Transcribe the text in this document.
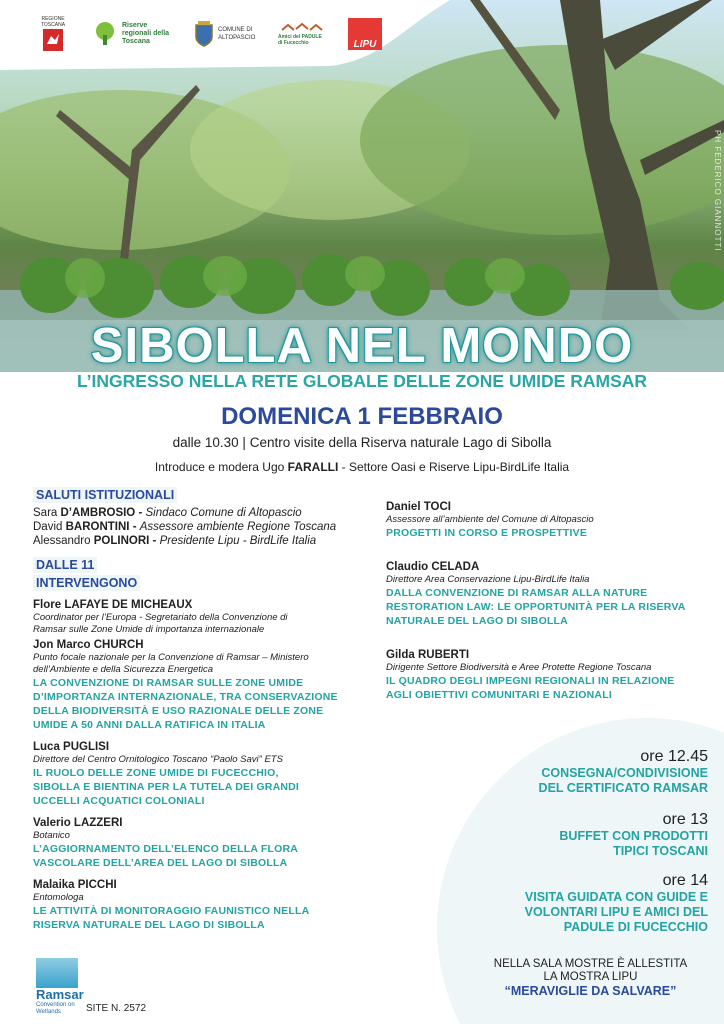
PH FEDERICO GIANNOTTI
REGIONE TOSCANA	Riserve regionali della Toscana
COMUNE DI ALTOPASCIO	Amici del PADULE di Fucecchio	LIPU
SIBOLLA NEL MONDO
L’INGRESSO NELLA RETE GLOBALE DELLE ZONE UMIDE RAMSAR
DOMENICA 1 FEBBRAIO
dalle 10.30 | Centro visite della Riserva naturale Lago di Sibolla
Introduce e modera Ugo FARALLI - Settore Oasi e Riserve Lipu-BirdLife Italia
SALUTI ISTITUZIONALI
Sara D’AMBROSIO - Sindaco Comune di Altopascio
David BARONTINI - Assessore ambiente Regione Toscana
Alessandro POLINORI - Presidente Lipu - BirdLife Italia
DALLE 11
INTERVENGONO
Flore LAFAYE DE MICHEAUX
Coordinator per l’Europa - Segretariato della Convenzione di
Ramsar sulle Zone Umide di importanza internazionale
Jon Marco CHURCH
Punto focale nazionale per la Convenzione di Ramsar – Ministero
dell’Ambiente e della Sicurezza Energetica
LA CONVENZIONE DI RAMSAR SULLE ZONE UMIDE
D’IMPORTANZA INTERNAZIONALE, TRA CONSERVAZIONE
DELLA BIODIVERSITÀ E USO RAZIONALE DELLE ZONE
UMIDE A 50 ANNI DALLA RATIFICA IN ITALIA
Luca PUGLISI
Direttore del Centro Ornitologico Toscano “Paolo Savi” ETS
IL RUOLO DELLE ZONE UMIDE DI FUCECCHIO,
SIBOLLA E BIENTINA PER LA TUTELA DEI GRANDI
UCCELLI ACQUATICI COLONIALI
Valerio LAZZERI
Botanico
L’AGGIORNAMENTO DELL’ELENCO DELLA FLORA
VASCOLARE DELL’AREA DEL LAGO DI SIBOLLA
Malaika PICCHI
Entomologa
LE ATTIVITÀ DI MONITORAGGIO FAUNISTICO NELLA
RISERVA NATURALE DEL LAGO DI SIBOLLA
Daniel TOCI
Assessore all’ambiente del Comune di Altopascio
PROGETTI IN CORSO E PROSPETTIVE
Claudio CELADA
Direttore Area Conservazione Lipu-BirdLife Italia
DALLA CONVENZIONE DI RAMSAR ALLA NATURE
RESTORATION LAW: LE OPPORTUNITÀ PER LA RISERVA
NATURALE DEL LAGO DI SIBOLLA
Gilda RUBERTI
Dirigente Settore Biodiversità e Aree Protette Regione Toscana
IL QUADRO DEGLI IMPEGNI REGIONALI IN RELAZIONE
AGLI OBIETTIVI COMUNITARI E NAZIONALI
ore 12.45
CONSEGNA/CONDIVISIONE
DEL CERTIFICATO RAMSAR
ore 13
BUFFET CON PRODOTTI
TIPICI TOSCANI
ore 14
VISITA GUIDATA CON GUIDE E
VOLONTARI LIPU E AMICI DEL
PADULE DI FUCECCHIO
NELLA SALA MOSTRE È ALLESTITA
LA MOSTRA LIPU
“MERAVIGLIE DA SALVARE”
Ramsar
Convention on Wetlands	SITE N. 2572
